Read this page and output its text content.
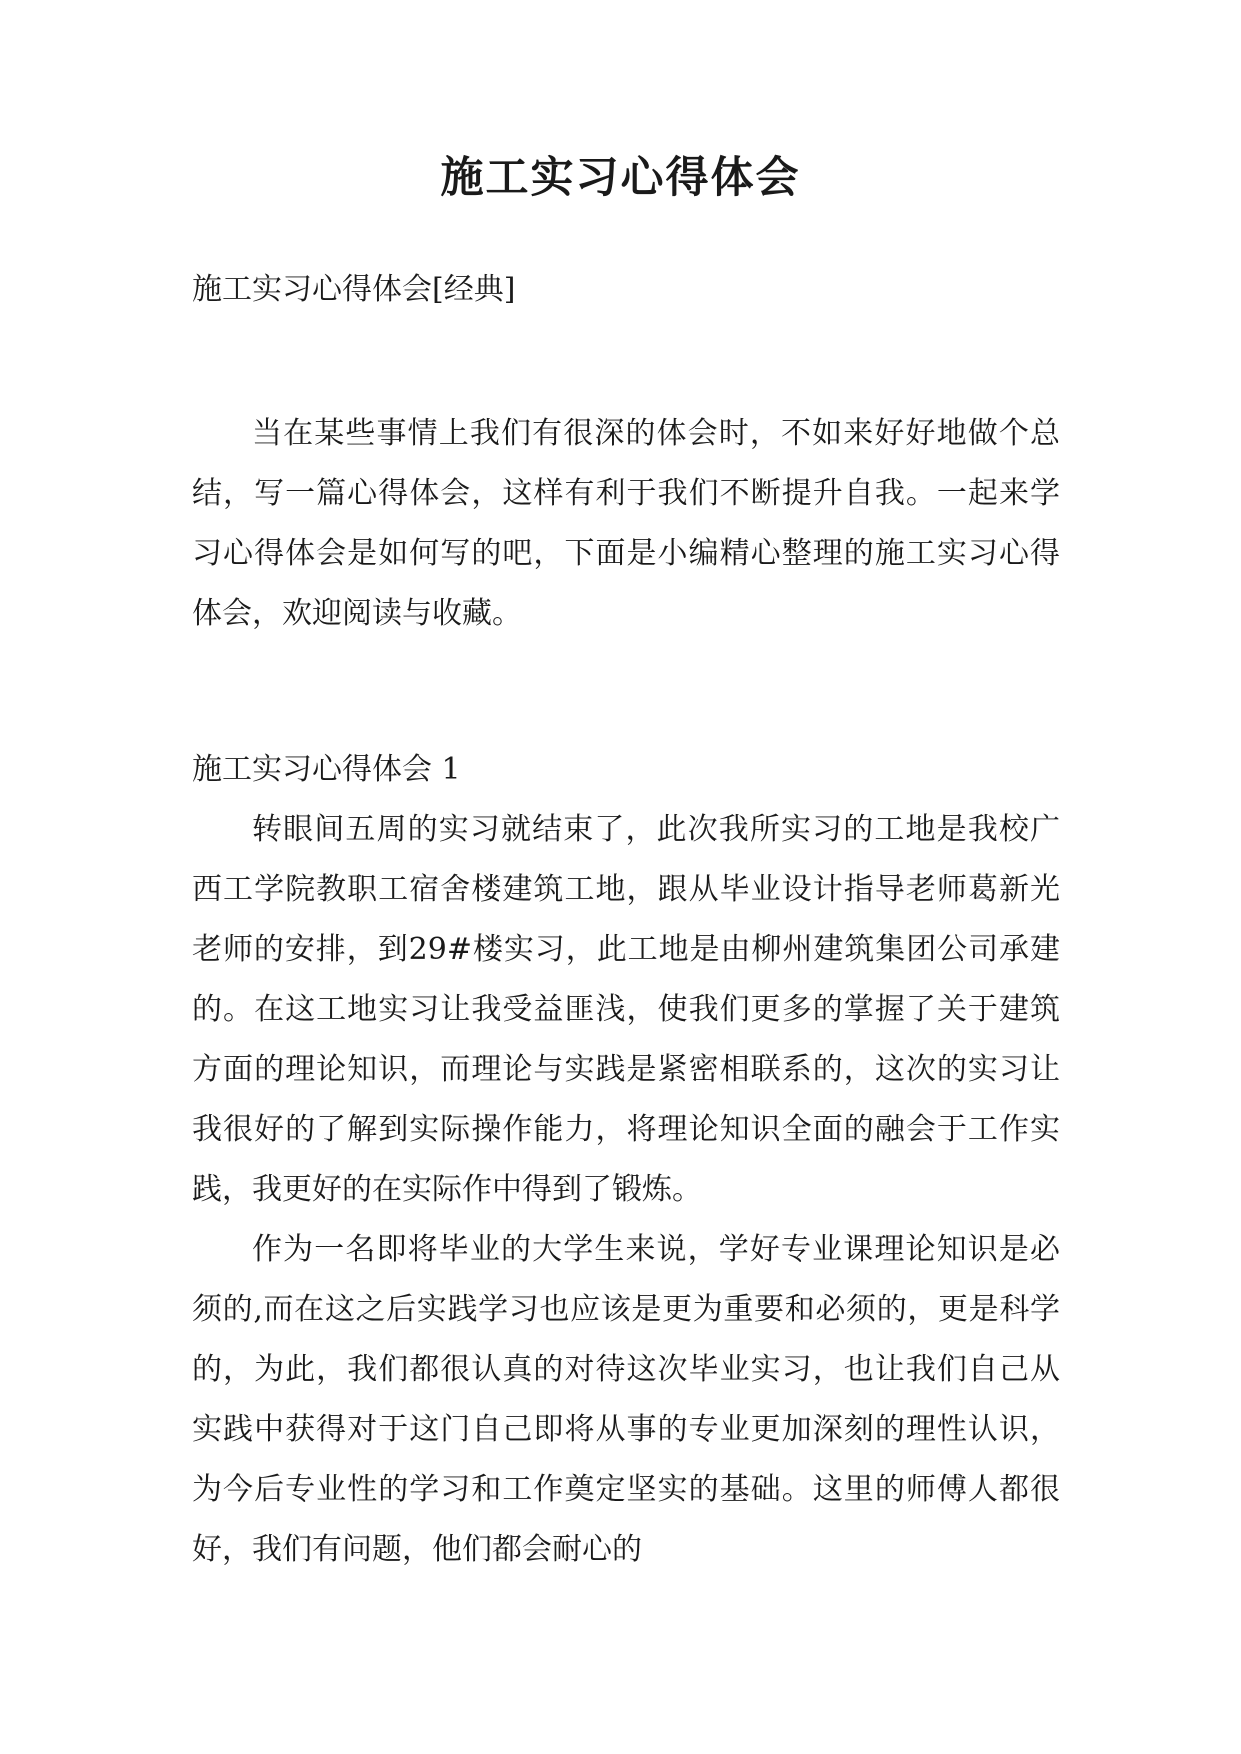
施工实习心得体会

施工实习心得体会[经典]

当在某些事情上我们有很深的体会时，不如来好好地做个总结，写一篇心得体会，这样有利于我们不断提升自我。一起来学习心得体会是如何写的吧，下面是小编精心整理的施工实习心得体会，欢迎阅读与收藏。

施工实习心得体会 1

转眼间五周的实习就结束了，此次我所实习的工地是我校广西工学院教职工宿舍楼建筑工地，跟从毕业设计指导老师葛新光老师的安排，到29#楼实习，此工地是由柳州建筑集团公司承建的。在这工地实习让我受益匪浅，使我们更多的掌握了关于建筑方面的理论知识，而理论与实践是紧密相联系的，这次的实习让我很好的了解到实际操作能力，将理论知识全面的融会于工作实践，我更好的在实际作中得到了锻炼。

作为一名即将毕业的大学生来说，学好专业课理论知识是必须的,而在这之后实践学习也应该是更为重要和必须的，更是科学的，为此，我们都很认真的对待这次毕业实习，也让我们自己从实践中获得对于这门自己即将从事的专业更加深刻的理性认识，为今后专业性的学习和工作奠定坚实的基础。这里的师傅人都很好，我们有问题，他们都会耐心的
